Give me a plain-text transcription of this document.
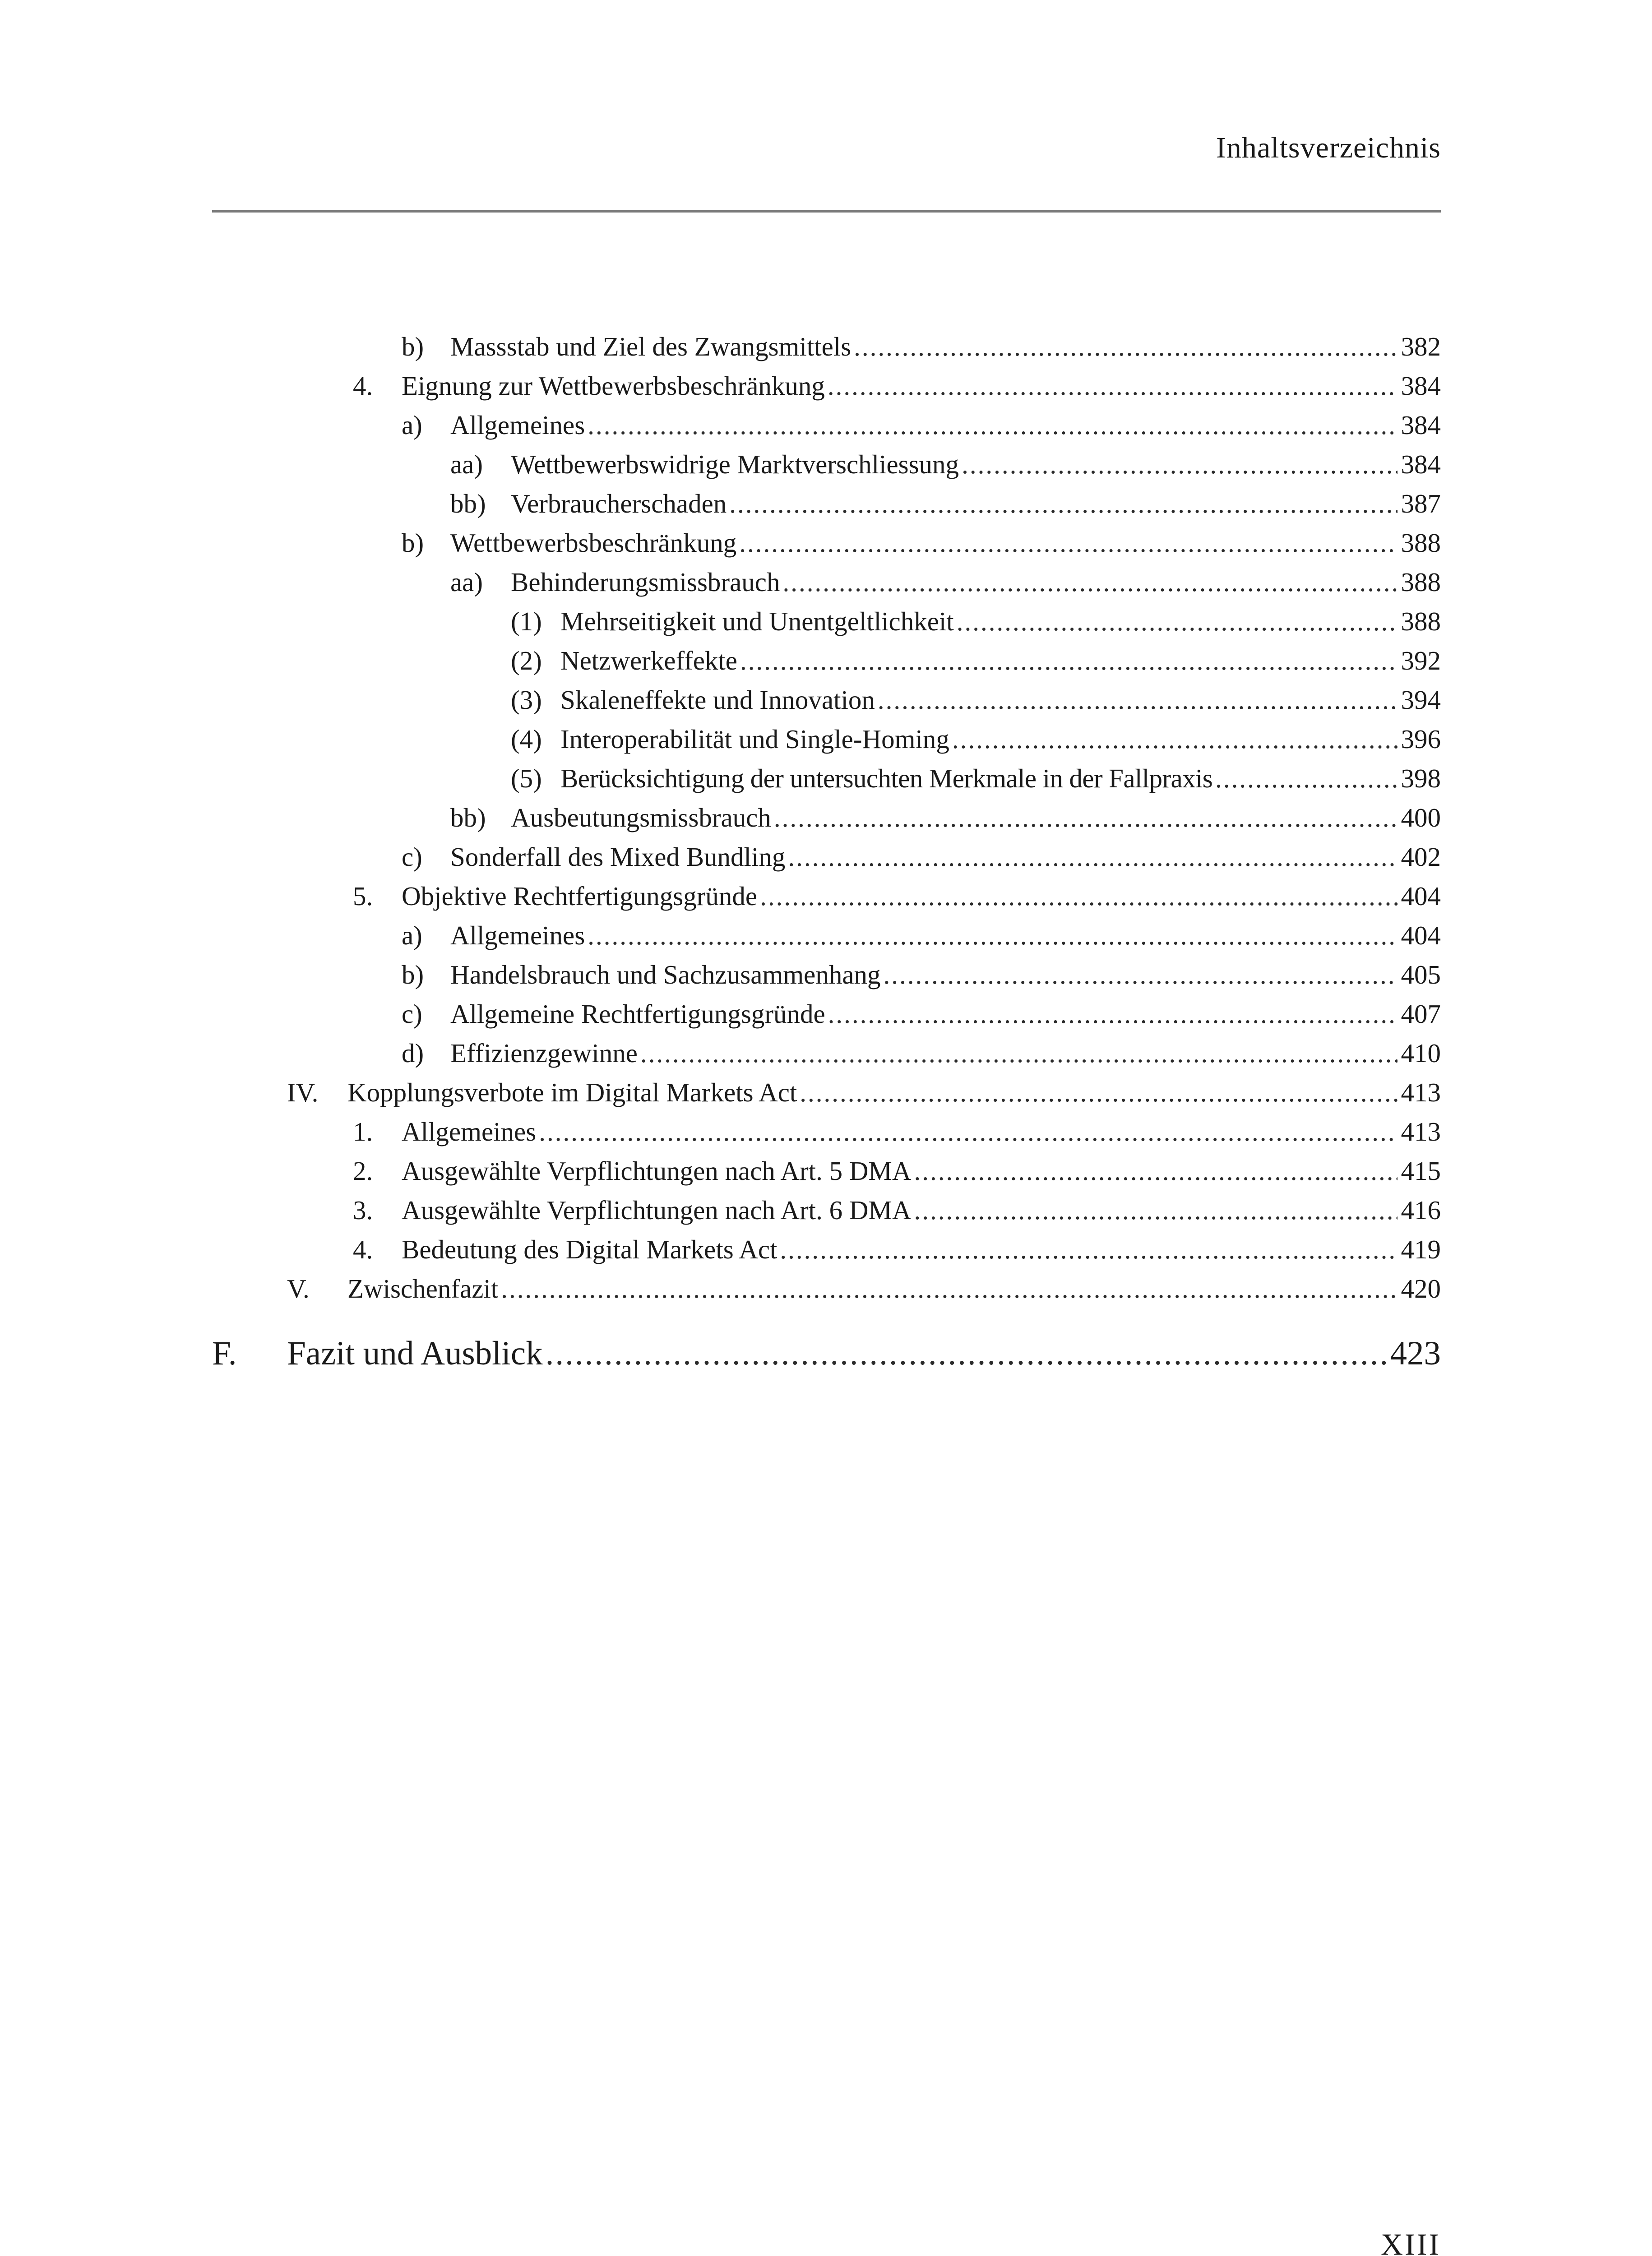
Inhaltsverzeichnis
b) Massstab und Ziel des Zwangsmittels .....	382
4.	Eignung zur Wettbewerbsbeschränkung .....	384
a)	Allgemeines .....	384
aa)	Wettbewerbswidrige Marktverschliessung .....	384
bb) Verbraucherschaden .....	387
b) Wettbewerbsbeschränkung .....	388
aa)	Behinderungsmissbrauch .....	388
(1) Mehrseitigkeit und Unentgeltlichkeit .....	388
(2) Netzwerkeffekte .....	392
(3) Skaleneffekte und Innovation .....	394
(4) Interoperabilität und Single-Homing .....	396
(5) Berücksichtigung der untersuchten Merkmale in der Fallpraxis .....	398
bb) Ausbeutungsmissbrauch .....	400
c)	Sonderfall des Mixed Bundling .....	402
5.	Objektive Rechtfertigungsgründe .....	404
a)	Allgemeines .....	404
b) Handelsbrauch und Sachzusammenhang .....	405
c)	Allgemeine Rechtfertigungsgründe .....	407
d) Effizienzgewinne .....	410
IV.	Kopplungsverbote im Digital Markets Act .....	413
1.	Allgemeines .....	413
2.	Ausgewählte Verpflichtungen nach Art. 5 DMA .....	415
3.	Ausgewählte Verpflichtungen nach Art. 6 DMA .....	416
4.	Bedeutung des Digital Markets Act .....	419
V.	Zwischenfazit .....	420
F.	Fazit und Ausblick .....	423
XIII
